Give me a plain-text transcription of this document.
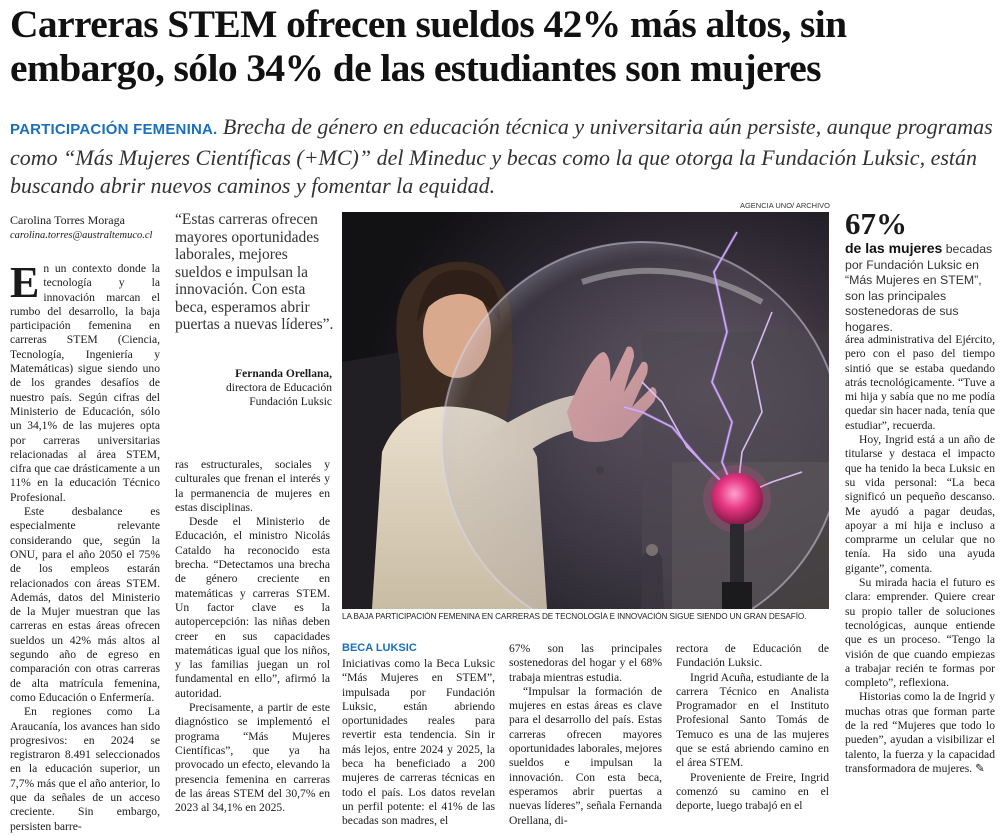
Carreras STEM ofrecen sueldos 42% más altos, sin embargo, sólo 34% de las estudiantes son mujeres

PARTICIPACIÓN FEMENINA. Brecha de género en educación técnica y universitaria aún persiste, aunque programas como “Más Mujeres Científicas (+MC)” del Mineduc y becas como la que otorga la Fundación Luksic, están buscando abrir nuevos caminos y fomentar la equidad.

Carolina Torres Moraga
carolina.torres@australtemuco.cl

En un contexto donde la tecnología y la innovación marcan el rumbo del desarrollo, la baja participación femenina en carreras STEM (Ciencia, Tecnología, Ingeniería y Matemáticas) sigue siendo uno de los grandes desafíos de nuestro país. Según cifras del Ministerio de Educación, sólo un 34,1% de las mujeres opta por carreras universitarias relacionadas al área STEM, cifra que cae drásticamente a un 11% en la educación Técnico Profesional.

Este desbalance es especialmente relevante considerando que, según la ONU, para el año 2050 el 75% de los empleos estarán relacionados con áreas STEM. Además, datos del Ministerio de la Mujer muestran que las carreras en estas áreas ofrecen sueldos un 42% más altos al segundo año de egreso en comparación con otras carreras de alta matrícula femenina, como Educación o Enfermería.

En regiones como La Araucanía, los avances han sido progresivos: en 2024 se registraron 8.491 seleccionados en la educación superior, un 7,7% más que el año anterior, lo que da señales de un acceso creciente. Sin embargo, persisten barre-

“Estas carreras ofrecen mayores oportunidades laborales, mejores sueldos e impulsan la innovación. Con esta beca, esperamos abrir puertas a nuevas líderes”.

Fernanda Orellana,
directora de Educación Fundación Luksic

ras estructurales, sociales y culturales que frenan el interés y la permanencia de mujeres en estas disciplinas.

Desde el Ministerio de Educación, el ministro Nicolás Cataldo ha reconocido esta brecha. “Detectamos una brecha de género creciente en matemáticas y carreras STEM. Un factor clave es la autopercepción: las niñas deben creer en sus capacidades matemáticas igual que los niños, y las familias juegan un rol fundamental en ello”, afirmó la autoridad.

Precisamente, a partir de este diagnóstico se implementó el programa “Más Mujeres Científicas”, que ya ha provocado un efecto, elevando la presencia femenina en carreras de las áreas STEM del 30,7% en 2023 al 34,1% en 2025.

AGENCIA UNO/ ARCHIVO
LA BAJA PARTICIPACIÓN FEMENINA EN CARRERAS DE TECNOLOGÍA E INNOVACIÓN SIGUE SIENDO UN GRAN DESAFÍO.
BECA LUKSIC

Iniciativas como la Beca Luksic “Más Mujeres en STEM”, impulsada por Fundación Luksic, están abriendo oportunidades reales para revertir esta tendencia. Sin ir más lejos, entre 2024 y 2025, la beca ha beneficiado a 200 mujeres de carreras técnicas en todo el país. Los datos revelan un perfil potente: el 41% de las becadas son madres, el

67% son las principales sostenedoras del hogar y el 68% trabaja mientras estudia.

“Impulsar la formación de mujeres en estas áreas es clave para el desarrollo del país. Estas carreras ofrecen mayores oportunidades laborales, mejores sueldos e impulsan la innovación. Con esta beca, esperamos abrir puertas a nuevas líderes”, señala Fernanda Orellana, di-

rectora de Educación de Fundación Luksic.

Ingrid Acuña, estudiante de la carrera Técnico en Analista Programador en el Instituto Profesional Santo Tomás de Temuco es una de las mujeres que se está abriendo camino en el área STEM.

Proveniente de Freire, Ingrid comenzó su camino en el deporte, luego trabajó en el

67%
de las mujeres becadas por Fundación Luksic en “Más Mujeres en STEM”, son las principales sostenedoras de sus hogares.

área administrativa del Ejército, pero con el paso del tiempo sintió que se estaba quedando atrás tecnológicamente. “Tuve a mi hija y sabía que no me podía quedar sin hacer nada, tenía que estudiar”, recuerda.

Hoy, Ingrid está a un año de titularse y destaca el impacto que ha tenido la beca Luksic en su vida personal: “La beca significó un pequeño descanso. Me ayudó a pagar deudas, apoyar a mi hija e incluso a comprarme un celular que no tenía. Ha sido una ayuda gigante”, comenta.

Su mirada hacia el futuro es clara: emprender. Quiere crear su propio taller de soluciones tecnológicas, aunque entiende que es un proceso. “Tengo la visión de que cuando empiezas a trabajar recién te formas por completo”, reflexiona.

Historias como la de Ingrid y muchas otras que forman parte de la red “Mujeres que todo lo pueden”, ayudan a visibilizar el talento, la fuerza y la capacidad transformadora de mujeres. ✎
